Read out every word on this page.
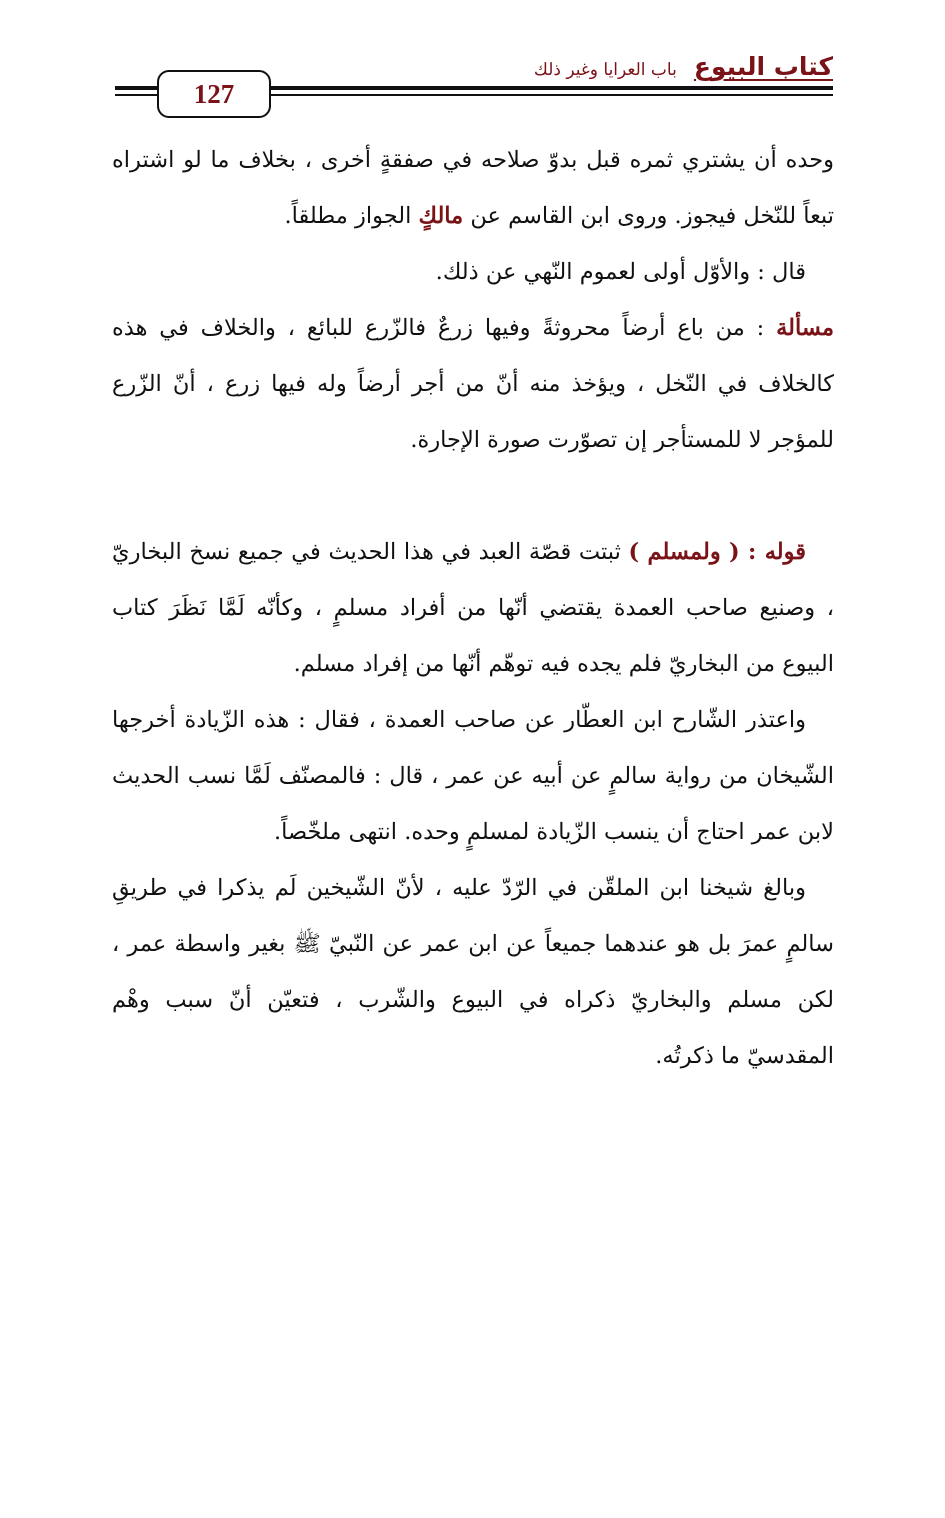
كتاب البيوع باب العرايا وغير ذلك
127

وحده أن يشتري ثمره قبل بدوّ صلاحه في صفقةٍ أخرى ، بخلاف ما لو اشتراه تبعاً للنّخل فيجوز. وروى ابن القاسم عن مالكٍ الجواز مطلقاً.

قال : والأوّل أولى لعموم النّهي عن ذلك.

مسألة : من باع أرضاً محروثةً وفيها زرعٌ فالزّرع للبائع ، والخلاف في هذه كالخلاف في النّخل ، ويؤخذ منه أنّ من أجر أرضاً وله فيها زرع ، أنّ الزّرع للمؤجر لا للمستأجر إن تصوّرت صورة الإجارة.

قوله : ( ولمسلم ) ثبتت قصّة العبد في هذا الحديث في جميع نسخ البخاريّ ، وصنيع صاحب العمدة يقتضي أنّها من أفراد مسلمٍ ، وكأنّه لَمَّا نَظَرَ كتاب البيوع من البخاريّ فلم يجده فيه توهّم أنّها من إفراد مسلم.

واعتذر الشّارح ابن العطّار عن صاحب العمدة ، فقال : هذه الزّيادة أخرجها الشّيخان من رواية سالمٍ عن أبيه عن عمر ، قال : فالمصنّف لَمَّا نسب الحديث لابن عمر احتاج أن ينسب الزّيادة لمسلمٍ وحده. انتهى ملخّصاً.

وبالغ شيخنا ابن الملقّن في الرّدّ عليه ، لأنّ الشّيخين لَم يذكرا في طريقِ سالمٍ عمرَ بل هو عندهما جميعاً عن ابن عمر عن النّبيّ ﷺ بغير واسطة عمر ، لكن مسلم والبخاريّ ذكراه في البيوع والشّرب ، فتعيّن أنّ سبب وهْم المقدسيّ ما ذكرتُه.
